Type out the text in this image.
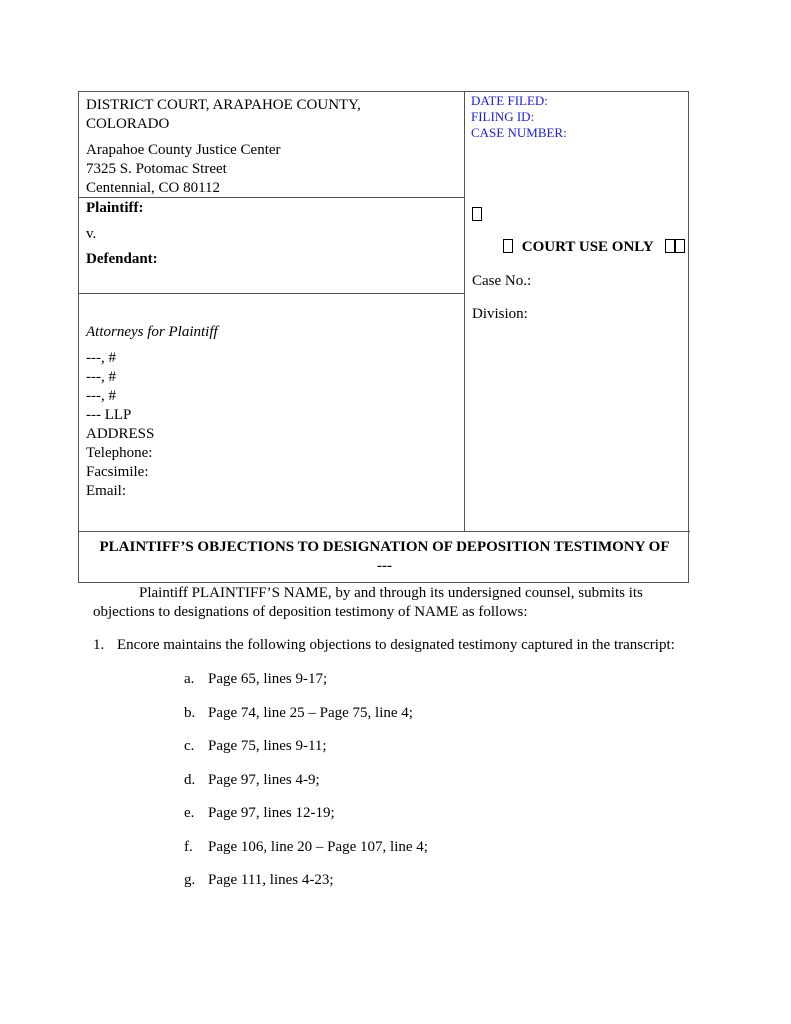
DISTRICT COURT, ARAPAHOE COUNTY,
COLORADO
Arapahoe County Justice Center
7325 S. Potomac Street
Centennial, CO 80112
Plaintiff:
v.
Defendant:
Attorneys for Plaintiff
---, #
---, #
---, #
--- LLP
ADDRESS
Telephone:
Facsimile:
Email:
DATE FILED:
FILING ID:
CASE NUMBER:
COURT USE ONLY
Case No.:
Division:
PLAINTIFF’S OBJECTIONS TO DESIGNATION OF DEPOSITION TESTIMONY OF
---
Plaintiff PLAINTIFF’S NAME, by and through its undersigned counsel, submits its
objections to designations of deposition testimony of NAME as follows:
1. Encore maintains the following objections to designated testimony captured in the transcript:
a. Page 65, lines 9-17;
b. Page 74, line 25 – Page 75, line 4;
c. Page 75, lines 9-11;
d. Page 97, lines 4-9;
e. Page 97, lines 12-19;
f. Page 106, line 20 – Page 107, line 4;
g. Page 111, lines 4-23;
